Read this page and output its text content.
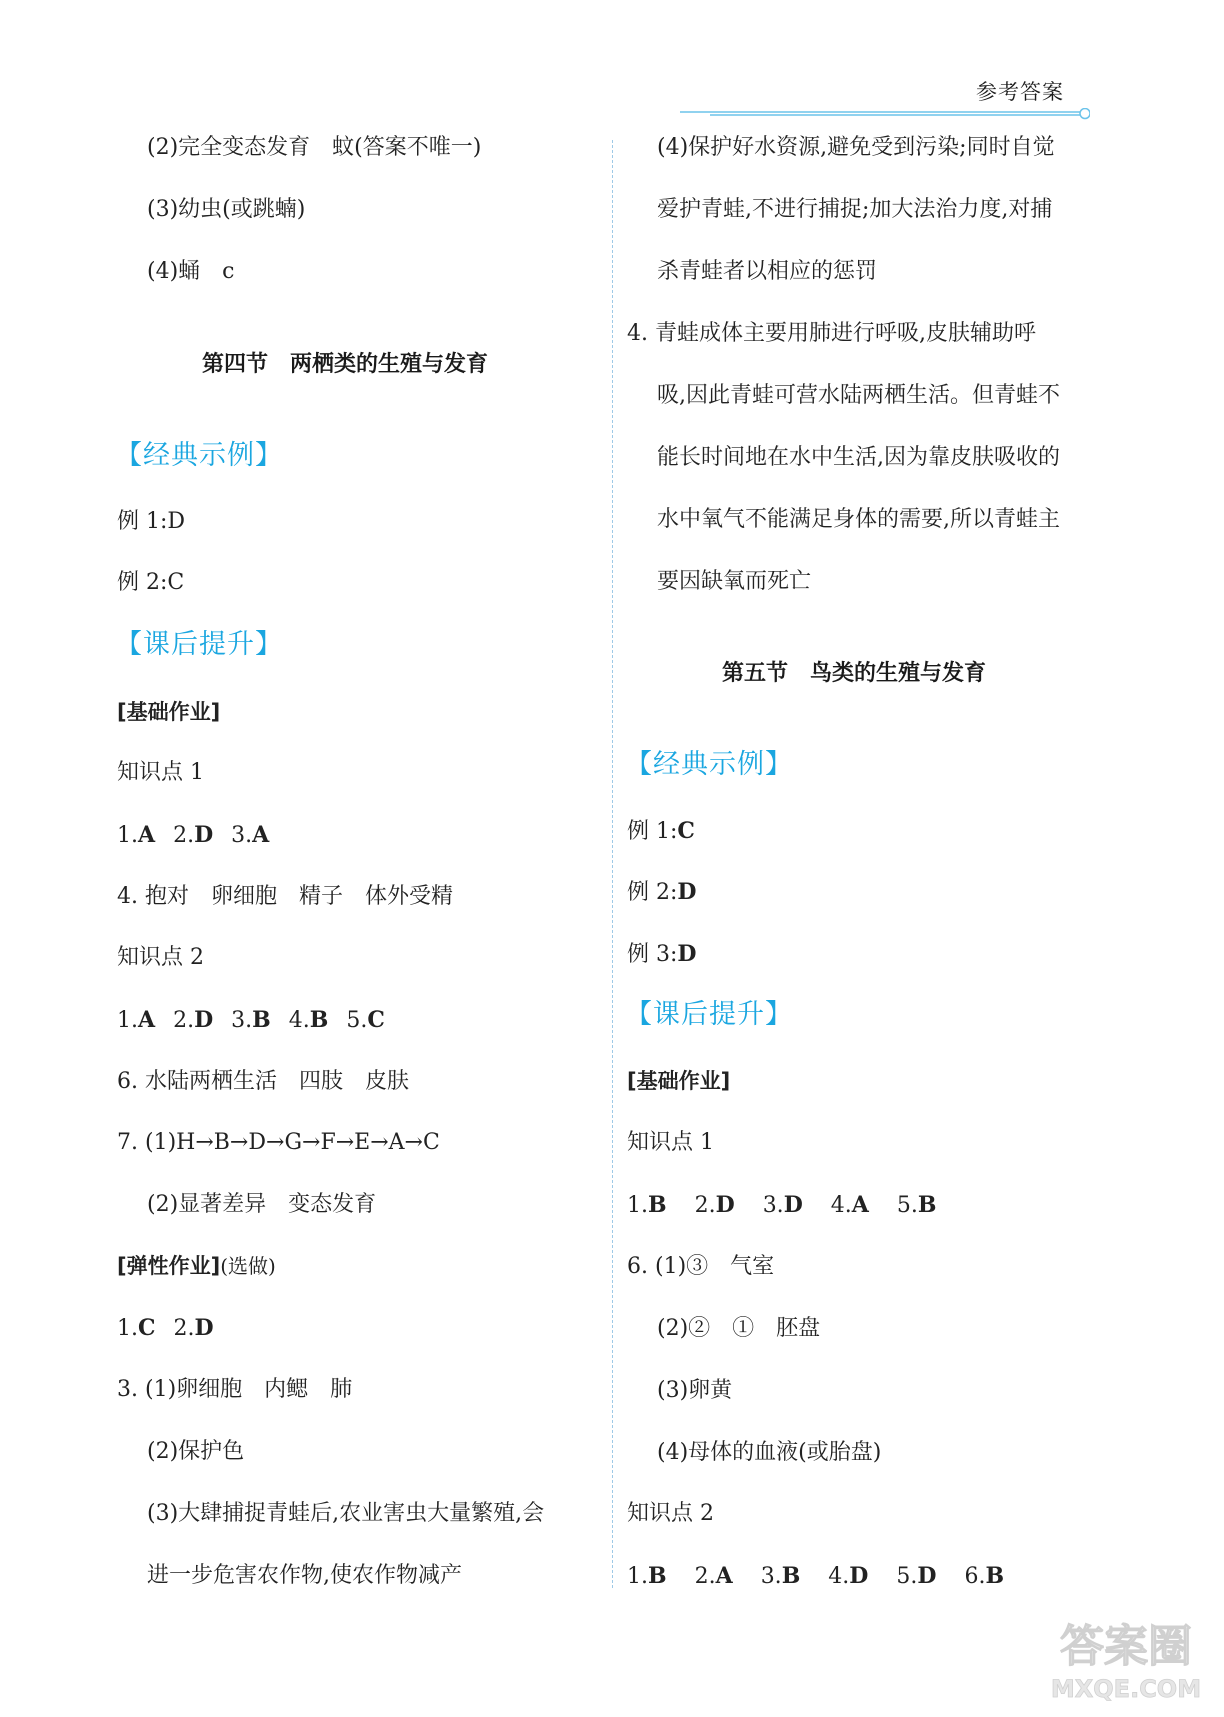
参考答案
(2)完全变态发育　蚊(答案不唯一)
(3)幼虫(或跳蝻)
(4)蛹　c
第四节　两栖类的生殖与发育
【经典示例】
例 1:D
例 2:C
【课后提升】
[基础作业]
知识点 1
1.A 2.D 3.A
4. 抱对　卵细胞　精子　体外受精
知识点 2
1.A 2.D 3.B 4.B 5.C
6. 水陆两栖生活　四肢　皮肤
7. (1)H→B→D→G→F→E→A→C
(2)显著差异　变态发育
[弹性作业](选做)
1.C 2.D
3. (1)卵细胞　内鳃　肺
(2)保护色
(3)大肆捕捉青蛙后,农业害虫大量繁殖,会
进一步危害农作物,使农作物减产
(4)保护好水资源,避免受到污染;同时自觉
爱护青蛙,不进行捕捉;加大法治力度,对捕
杀青蛙者以相应的惩罚
4. 青蛙成体主要用肺进行呼吸,皮肤辅助呼
吸,因此青蛙可营水陆两栖生活。但青蛙不
能长时间地在水中生活,因为靠皮肤吸收的
水中氧气不能满足身体的需要,所以青蛙主
要因缺氧而死亡
第五节　鸟类的生殖与发育
【经典示例】
例 1:C
例 2:D
例 3:D
【课后提升】
[基础作业]
知识点 1
1.B 2.D 3.D 4.A 5.B
6. (1)③　气室
(2)②　①　胚盘
(3)卵黄
(4)母体的血液(或胎盘)
知识点 2
1.B 2.A 3.B 4.D 5.D 6.B
答案圈
MXQE.COM
